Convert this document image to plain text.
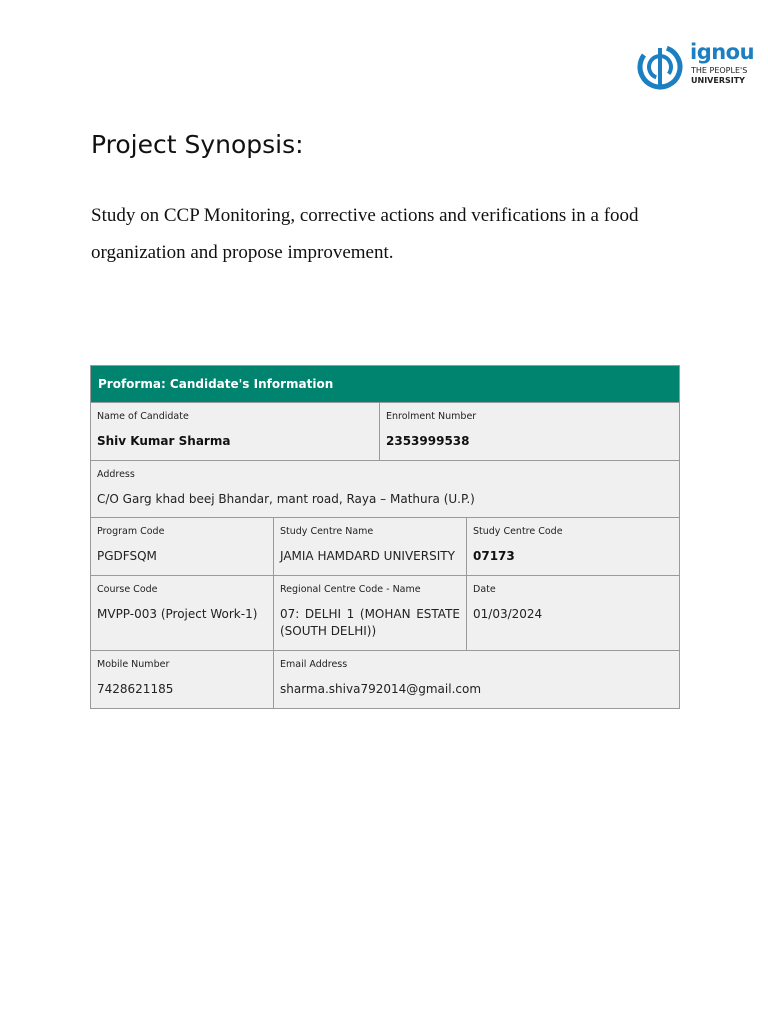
ignou
THE PEOPLE'S
UNIVERSITY
Project Synopsis:

Study on CCP Monitoring, corrective actions and verifications in a food organization and propose improvement.

Proforma: Candidate's Information
Name of Candidate
Shiv Kumar Sharma
Enrolment Number
2353999538
Address
C/O Garg khad beej Bhandar, mant road, Raya – Mathura (U.P.)
Program Code
PGDFSQM
Study Centre Name
JAMIA HAMDARD UNIVERSITY
Study Centre Code
07173
Course Code
MVPP-003 (Project Work-1)
Regional Centre Code - Name
07: DELHI 1 (MOHAN ESTATE (SOUTH DELHI))
Date
01/03/2024
Mobile Number
7428621185
Email Address
sharma.shiva792014@gmail.com
